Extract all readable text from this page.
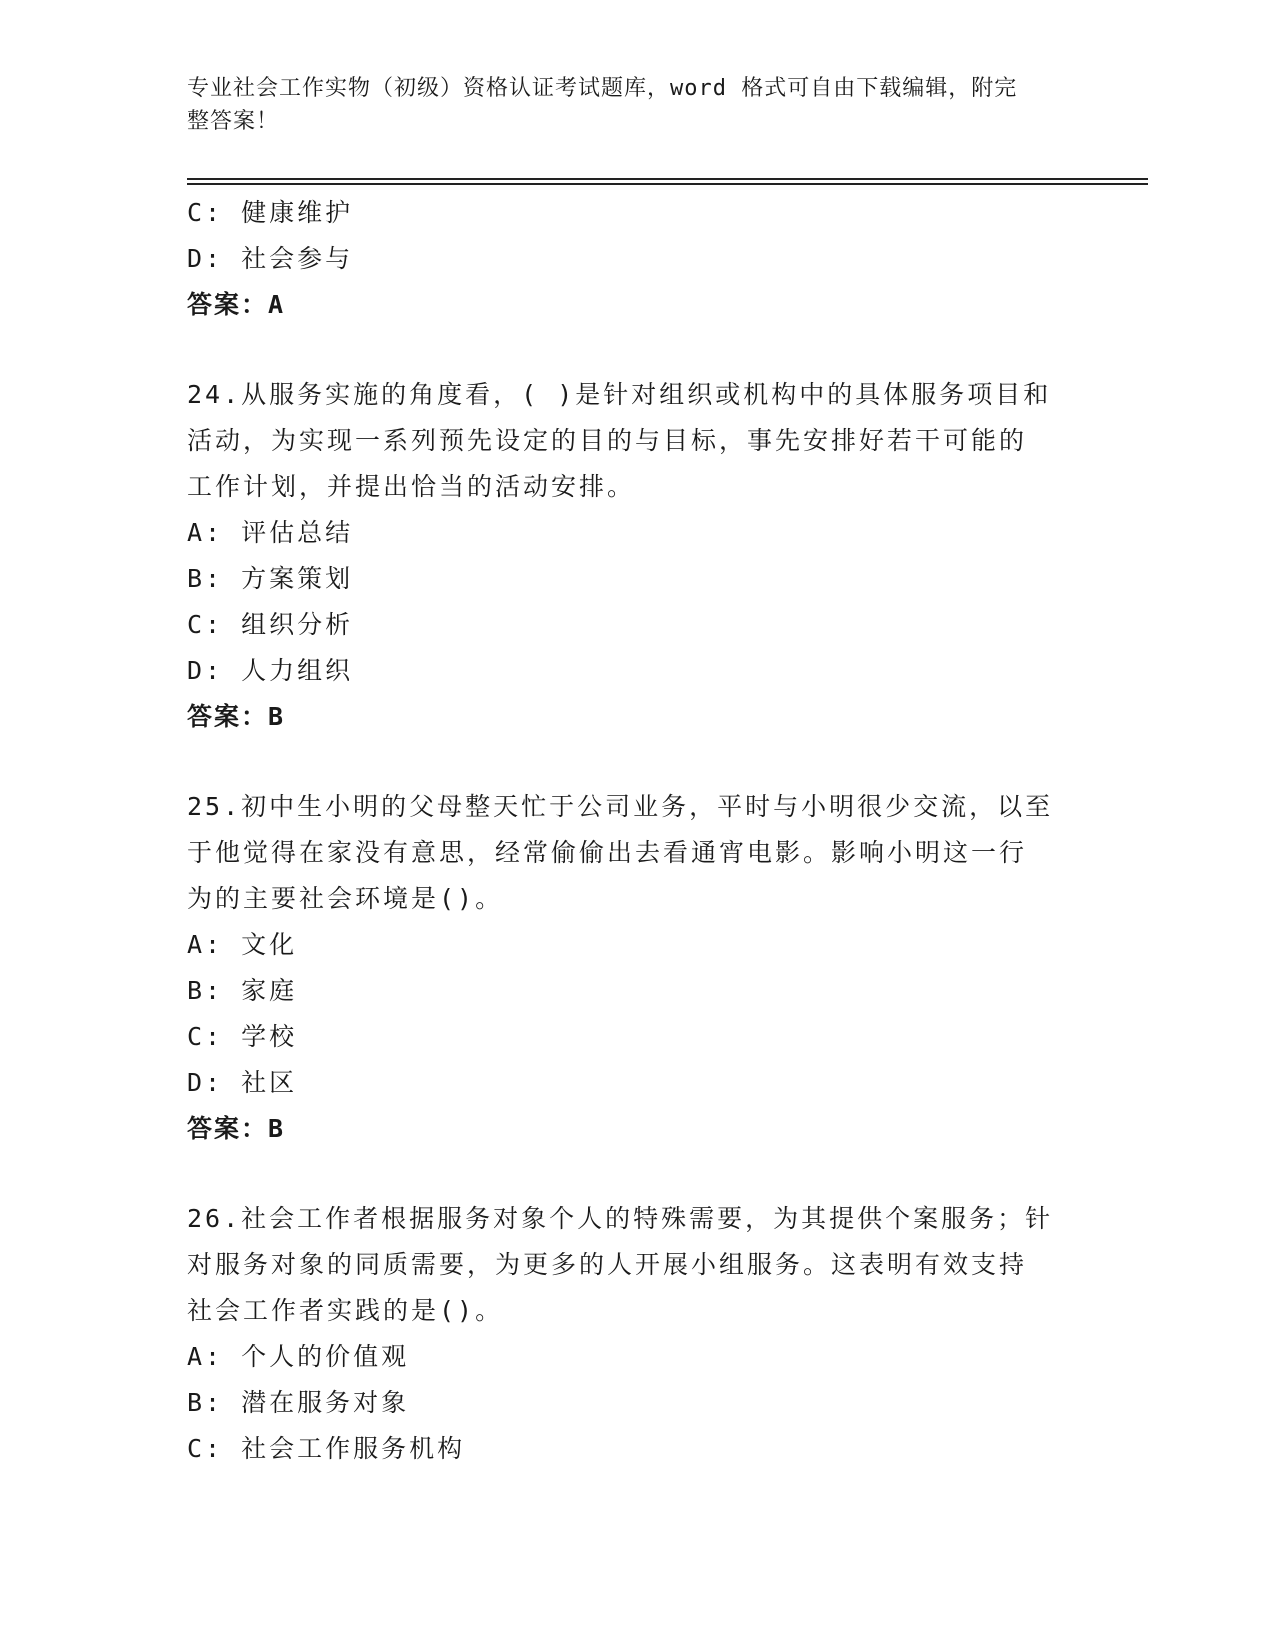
专业社会工作实物（初级）资格认证考试题库，word 格式可自由下载编辑，附完
整答案！
C: 健康维护
D: 社会参与
答案：A
24.从服务实施的角度看，( )是针对组织或机构中的具体服务项目和
活动，为实现一系列预先设定的目的与目标，事先安排好若干可能的
工作计划，并提出恰当的活动安排。
A: 评估总结
B: 方案策划
C: 组织分析
D: 人力组织
答案：B
25.初中生小明的父母整天忙于公司业务，平时与小明很少交流，以至
于他觉得在家没有意思，经常偷偷出去看通宵电影。影响小明这一行
为的主要社会环境是()。
A: 文化
B: 家庭
C: 学校
D: 社区
答案：B
26.社会工作者根据服务对象个人的特殊需要，为其提供个案服务；针
对服务对象的同质需要，为更多的人开展小组服务。这表明有效支持
社会工作者实践的是()。
A: 个人的价值观
B: 潜在服务对象
C: 社会工作服务机构
